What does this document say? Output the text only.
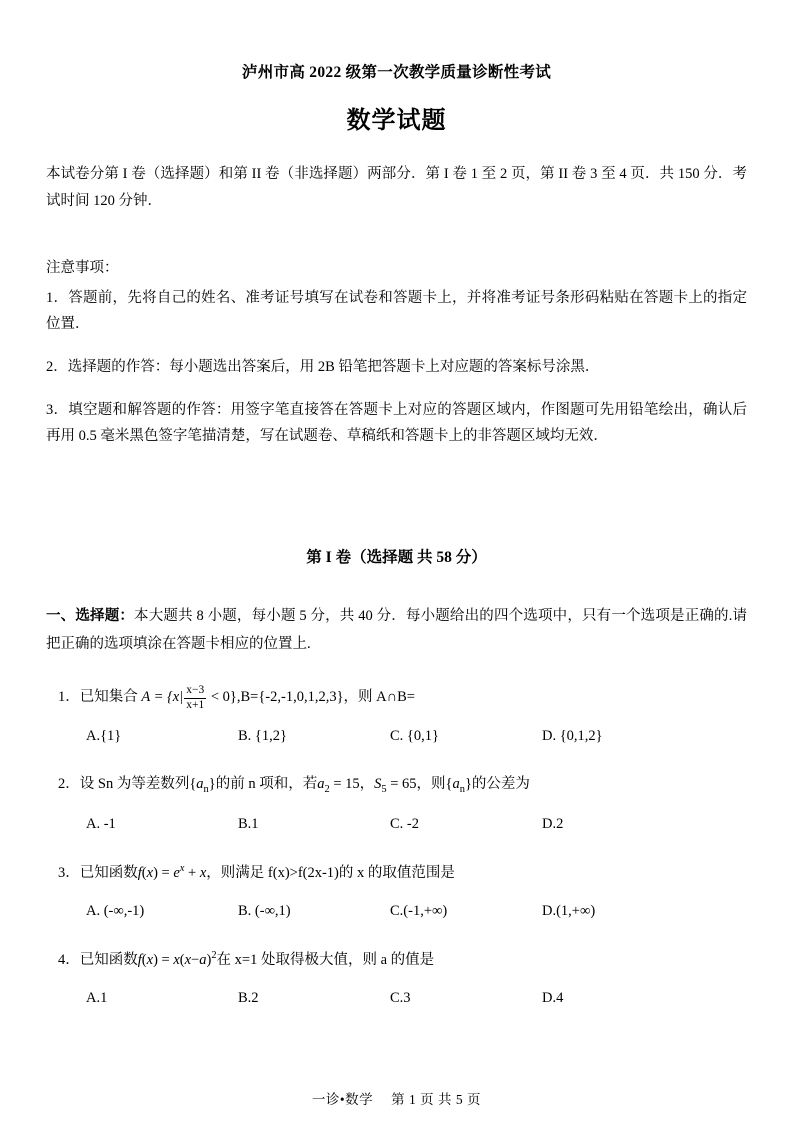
泸州市高 2022 级第一次教学质量诊断性考试
数学试题
本试卷分第 I 卷（选择题）和第 II 卷（非选择题）两部分．第 I 卷 1 至 2 页，第 II 卷 3 至 4 页．共 150 分．考试时间 120 分钟．
注意事项：
1．答题前，先将自己的姓名、准考证号填写在试卷和答题卡上，并将准考证号条形码粘贴在答题卡上的指定位置．
2．选择题的作答：每小题选出答案后，用 2B 铅笔把答题卡上对应题的答案标号涂黑．
3．填空题和解答题的作答：用签字笔直接答在答题卡上对应的答题区域内，作图题可先用铅笔绘出，确认后再用 0.5 毫米黑色签字笔描清楚，写在试题卷、草稿纸和答题卡上的非答题区域均无效．
第 I 卷（选择题 共 58 分）
一、选择题：本大题共 8 小题，每小题 5 分，共 40 分．每小题给出的四个选项中，只有一个选项是正确的.请把正确的选项填涂在答题卡相应的位置上.
1．已知集合 $A = \{x| \frac{x-3}{x+1} < 0\},B=\{-2,-1,0,1,2,3\}$，则 A∩B=
A.{1}	B. {1,2}	C. {0,1}	D. {0,1,2}
2．设 Sn 为等差数列$\{a_n\}$的前 n 项和，若$a_2 = 15$，$S_5 = 65$，则$\{a_n\}$的公差为
A. -1	B.1	C. -2	D.2
3．已知函数$f(x) = e^x + x$，则满足 f(x)>f(2x-1)的 x 的取值范围是
A. (-∞,-1)	B. (-∞,1)	C.(-1,+∞)	D.(1,+∞)
4．已知函数$f(x) = x(x-a)^2$在 x=1 处取得极大值，则 a 的值是
A.1	B.2	C.3	D.4
一诊•数学 第 1 页 共 5 页
